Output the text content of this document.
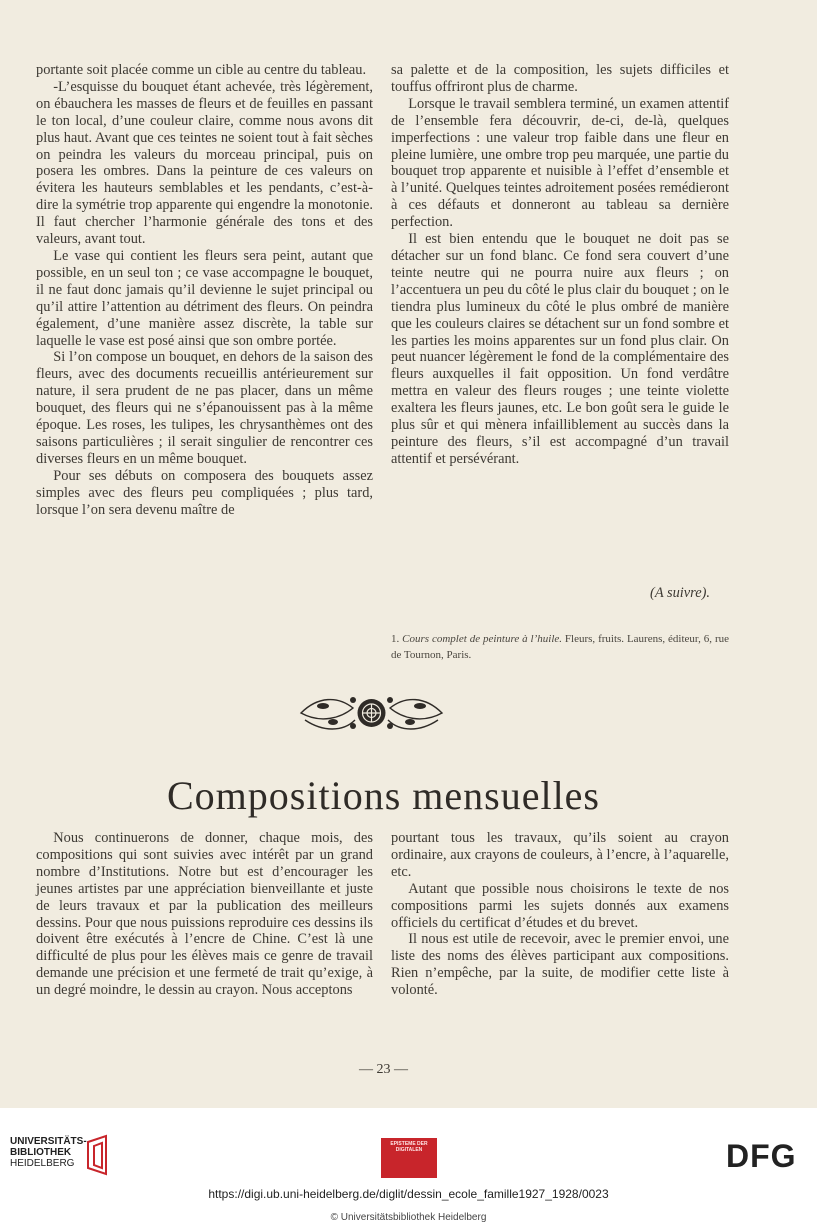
portante soit placée comme un cible au centre du tableau.

-L’esquisse du bouquet étant achevée, très légèrement, on ébauchera les masses de fleurs et de feuilles en passant le ton local, d’une couleur claire, comme nous avons dit plus haut. Avant que ces teintes ne soient tout à fait sèches on peindra les valeurs du morceau principal, puis on posera les ombres. Dans la peinture de ces valeurs on évitera les hauteurs semblables et les pendants, c’est-à-dire la symétrie trop apparente qui engendre la monotonie. Il faut chercher l’harmonie générale des tons et des valeurs, avant tout.

Le vase qui contient les fleurs sera peint, autant que possible, en un seul ton ; ce vase accompagne le bouquet, il ne faut donc jamais qu’il devienne le sujet principal ou qu’il attire l’attention au détriment des fleurs. On peindra également, d’une manière assez discrète, la table sur laquelle le vase est posé ainsi que son ombre portée.

Si l’on compose un bouquet, en dehors de la saison des fleurs, avec des documents recueillis antérieurement sur nature, il sera prudent de ne pas placer, dans un même bouquet, des fleurs qui ne s’épanouissent pas à la même époque. Les roses, les tulipes, les chrysanthèmes ont des saisons particulières ; il serait singulier de rencontrer ces diverses fleurs en un même bouquet.

Pour ses débuts on composera des bouquets assez simples avec des fleurs peu compliquées ; plus tard, lorsque l’on sera devenu maître de

sa palette et de la composition, les sujets difficiles et touffus offriront plus de charme.

Lorsque le travail semblera terminé, un examen attentif de l’ensemble fera découvrir, de-ci, de-là, quelques imperfections : une valeur trop faible dans une fleur en pleine lumière, une ombre trop peu marquée, une partie du bouquet trop apparente et nuisible à l’effet d’ensemble et à l’unité. Quelques teintes adroitement posées remédieront à ces défauts et donneront au tableau sa dernière perfection.

Il est bien entendu que le bouquet ne doit pas se détacher sur un fond blanc. Ce fond sera couvert d’une teinte neutre qui ne pourra nuire aux fleurs ; on l’accentuera un peu du côté le plus clair du bouquet ; on le tiendra plus lumineux du côté le plus ombré de manière que les couleurs claires se détachent sur un fond sombre et les parties les moins apparentes sur un fond plus clair. On peut nuancer légèrement le fond de la complémentaire des fleurs auxquelles il fait opposition. Un fond verdâtre mettra en valeur des fleurs rouges ; une teinte violette exaltera les fleurs jaunes, etc. Le bon goût sera le guide le plus sûr et qui mènera infailliblement au succès dans la peinture des fleurs, s’il est accompagné d’un travail attentif et persévérant.

(A suivre).
1. Cours complet de peinture à l’huile. Fleurs, fruits. Laurens, éditeur, 6, rue de Tournon, Paris.
Compositions mensuelles

Nous continuerons de donner, chaque mois, des compositions qui sont suivies avec intérêt par un grand nombre d’Institutions. Notre but est d’encourager les jeunes artistes par une appréciation bienveillante et juste de leurs travaux et par la publication des meilleurs dessins. Pour que nous puissions reproduire ces dessins ils doivent être exécutés à l’encre de Chine. C’est là une difficulté de plus pour les élèves mais ce genre de travail demande une précision et une fermeté de trait qu’exige, à un degré moindre, le dessin au crayon. Nous acceptons

pourtant tous les travaux, qu’ils soient au crayon ordinaire, aux crayons de couleurs, à l’encre, à l’aquarelle, etc.

Autant que possible nous choisirons le texte de nos compositions parmi les sujets donnés aux examens officiels du certificat d’études et du brevet.

Il nous est utile de recevoir, avec le premier envoi, une liste des noms des élèves participant aux compositions. Rien n’empêche, par la suite, de modifier cette liste à volonté.

— 23 —
UNIVERSITÄTS-
BIBLIOTHEK
HEIDELBERG
EPISTEME DER DIGITALEN	DFG
https://digi.ub.uni-heidelberg.de/diglit/dessin_ecole_famille1927_1928/0023
© Universitätsbibliothek Heidelberg
